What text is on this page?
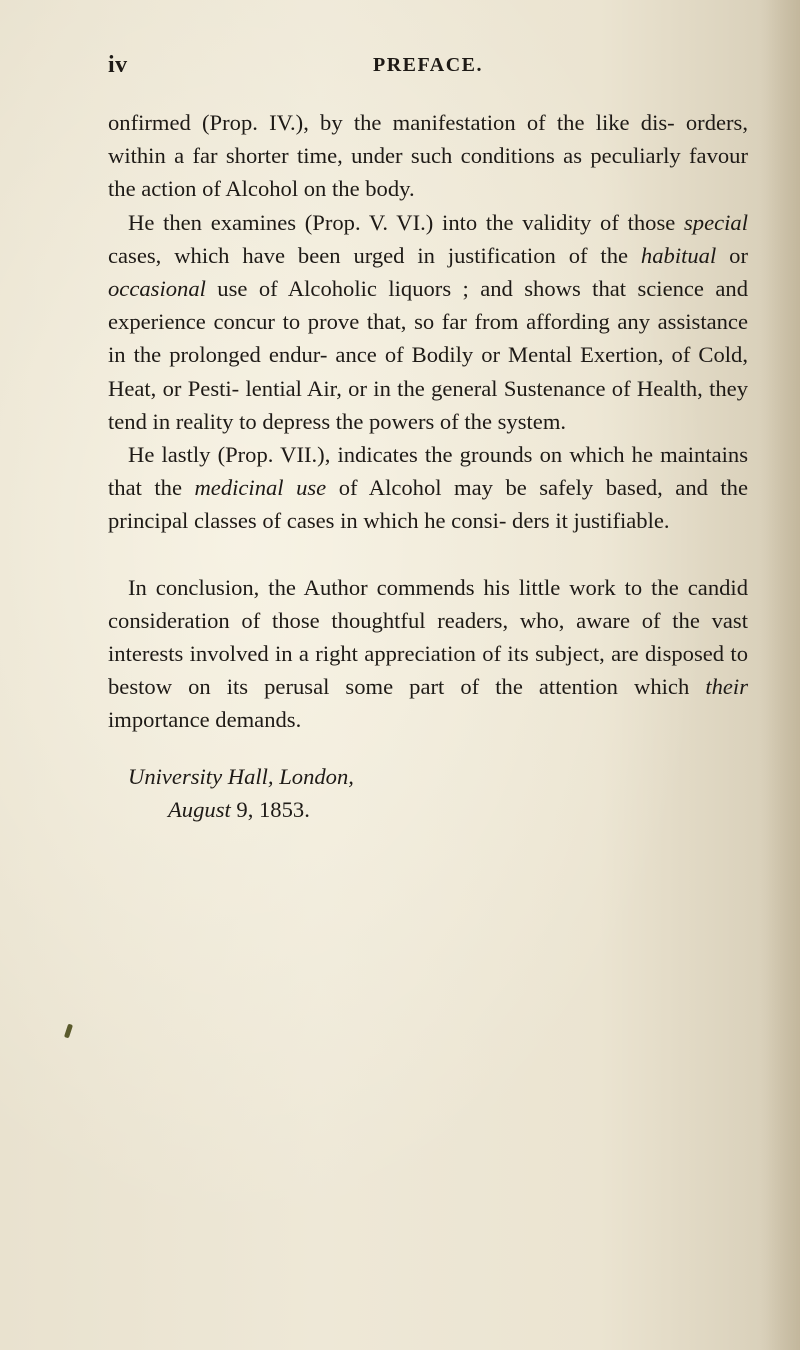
iv	PREFACE.

onfirmed (Prop. IV.), by the manifestation of the like dis- orders, within a far shorter time, under such conditions as peculiarly favour the action of Alcohol on the body.

He then examines (Prop. V. VI.) into the validity of those special cases, which have been urged in justification of the habitual or occasional use of Alcoholic liquors ; and shows that science and experience concur to prove that, so far from affording any assistance in the prolonged endur- ance of Bodily or Mental Exertion, of Cold, Heat, or Pesti- lential Air, or in the general Sustenance of Health, they tend in reality to depress the powers of the system.

He lastly (Prop. VII.), indicates the grounds on which he maintains that the medicinal use of Alcohol may be safely based, and the principal classes of cases in which he consi- ders it justifiable.

In conclusion, the Author commends his little work to the candid consideration of those thoughtful readers, who, aware of the vast interests involved in a right appreciation of its subject, are disposed to bestow on its perusal some part of the attention which their importance demands.

University Hall, London,
August 9, 1853.
